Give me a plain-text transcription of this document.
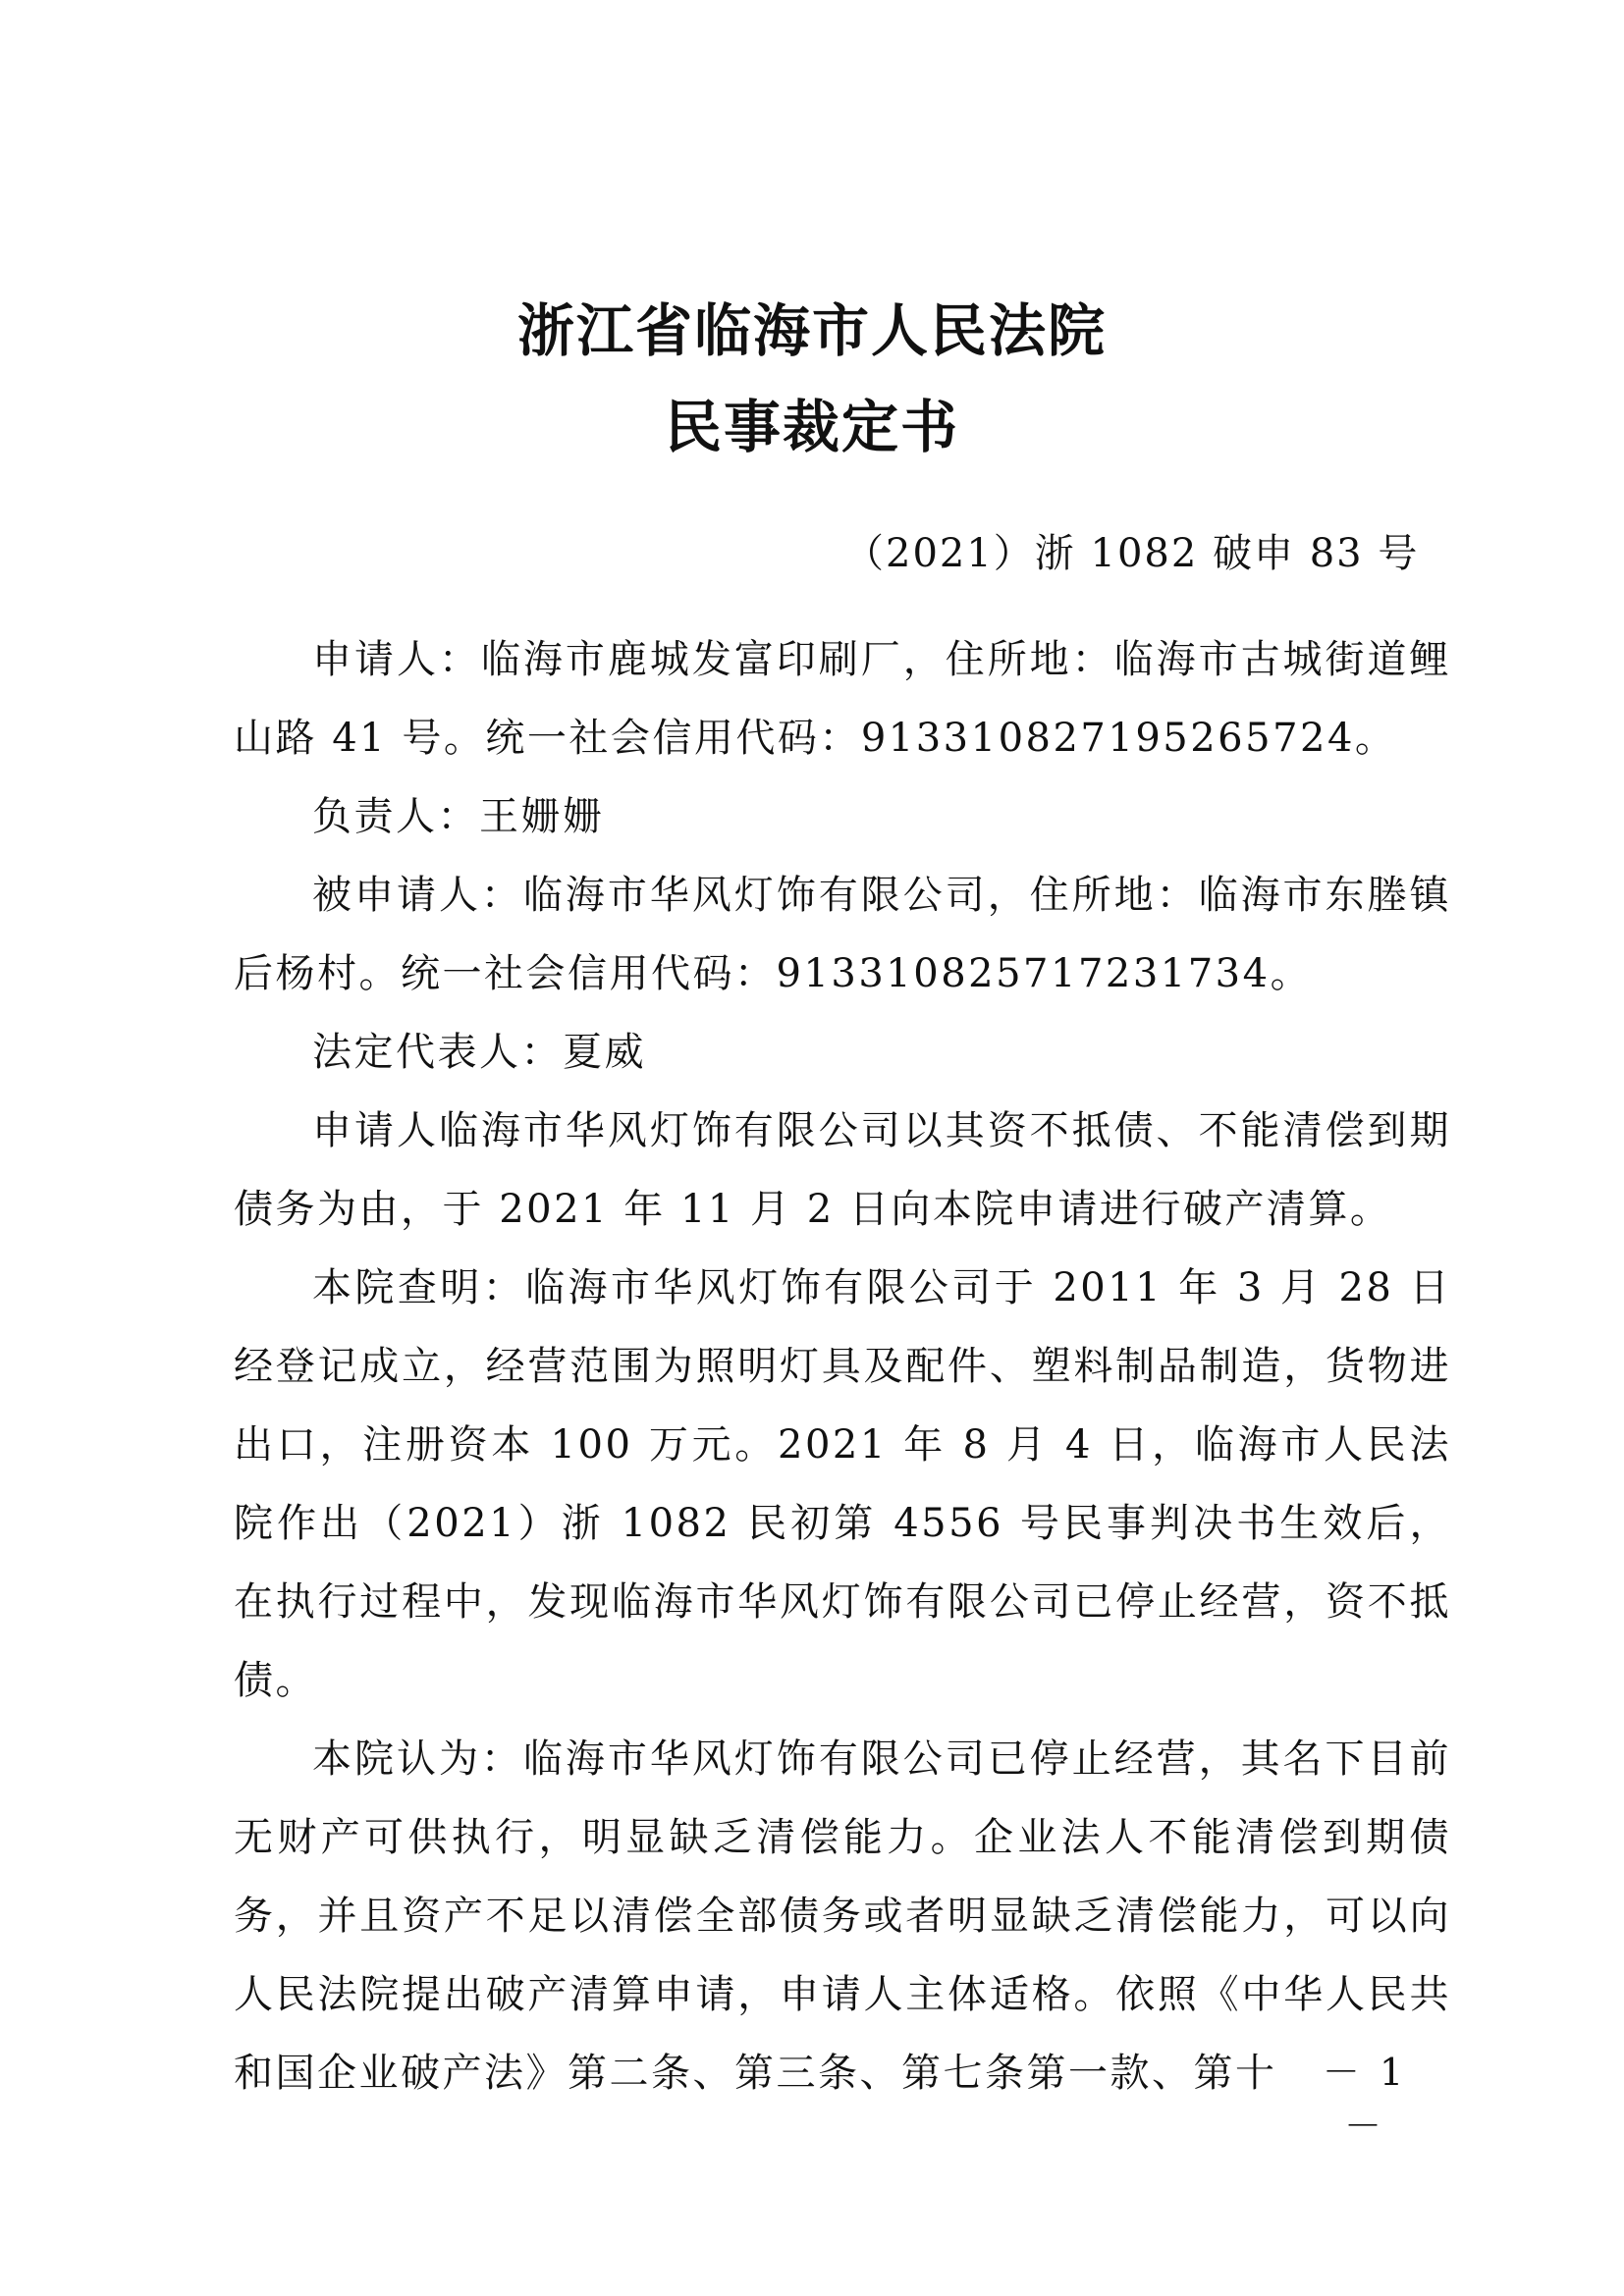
浙江省临海市人民法院
民事裁定书
（2021）浙 1082 破申 83 号

申请人：临海市鹿城发富印刷厂，住所地：临海市古城街道鲤山路 41 号。统一社会信用代码：913310827195265724。

负责人：王姗姗

被申请人：临海市华风灯饰有限公司，住所地：临海市东塍镇后杨村。统一社会信用代码：913310825717231734。

法定代表人：夏威

申请人临海市华风灯饰有限公司以其资不抵债、不能清偿到期债务为由，于 2021 年 11 月 2 日向本院申请进行破产清算。

本院查明：临海市华风灯饰有限公司于 2011 年 3 月 28 日经登记成立，经营范围为照明灯具及配件、塑料制品制造，货物进出口，注册资本 100 万元。2021 年 8 月 4 日，临海市人民法院作出（2021）浙 1082 民初第 4556 号民事判决书生效后，在执行过程中，发现临海市华风灯饰有限公司已停止经营，资不抵债。

本院认为：临海市华风灯饰有限公司已停止经营，其名下目前无财产可供执行，明显缺乏清偿能力。企业法人不能清偿到期债务，并且资产不足以清偿全部债务或者明显缺乏清偿能力，可以向人民法院提出破产清算申请，申请人主体适格。依照《中华人民共和国企业破产法》第二条、第三条、第七条第一款、第十	－ 1 －
